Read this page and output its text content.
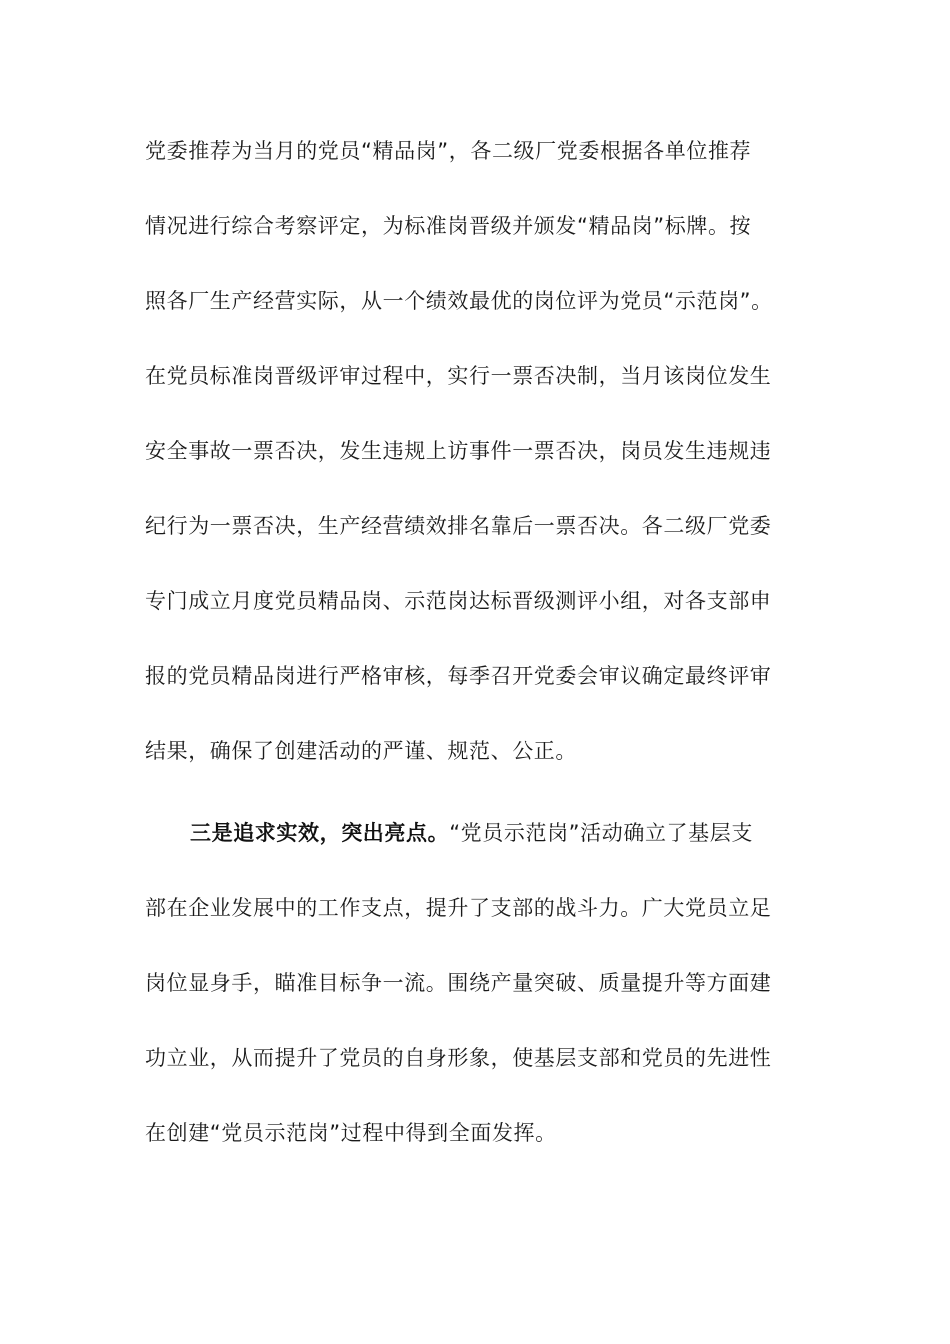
党委推荐为当月的党员“精品岗”，各二级厂党委根据各单位推荐
情况进行综合考察评定，为标准岗晋级并颁发“精品岗”标牌。按
照各厂生产经营实际，从一个绩效最优的岗位评为党员“示范岗”。
在党员标准岗晋级评审过程中，实行一票否决制，当月该岗位发生
安全事故一票否决，发生违规上访事件一票否决，岗员发生违规违
纪行为一票否决，生产经营绩效排名靠后一票否决。各二级厂党委
专门成立月度党员精品岗、示范岗达标晋级测评小组，对各支部申
报的党员精品岗进行严格审核，每季召开党委会审议确定最终评审
结果，确保了创建活动的严谨、规范、公正。
三是追求实效，突出亮点。“党员示范岗”活动确立了基层支
部在企业发展中的工作支点，提升了支部的战斗力。广大党员立足
岗位显身手，瞄准目标争一流。围绕产量突破、质量提升等方面建
功立业，从而提升了党员的自身形象，使基层支部和党员的先进性
在创建“党员示范岗”过程中得到全面发挥。
